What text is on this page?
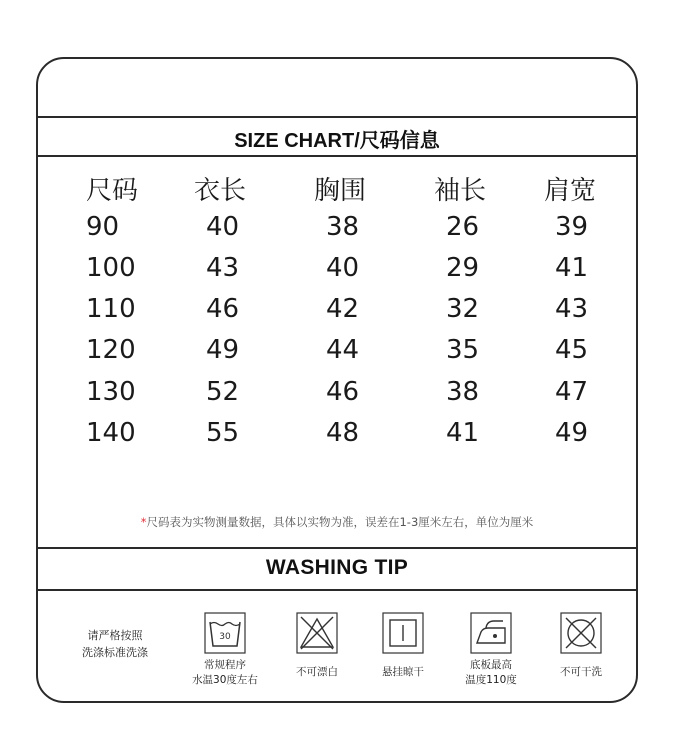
SIZE CHART/尺码信息
尺码 衣长	胸围	袖长 肩宽
90	40	38	26	39
100	43	40	29	41
110	46	42	32	43
120	49	44	35	45
130	52	46	38	47
140	55	48	41	49
*尺码表为实物测量数据，具体以实物为准，误差在1-3厘米左右，单位为厘米
WASHING TIP
请严格按照
洗涤标准洗涤
30
常规程序
水温30度左右
不可漂白	悬挂晾干
底板最高
温度110度
不可干洗
